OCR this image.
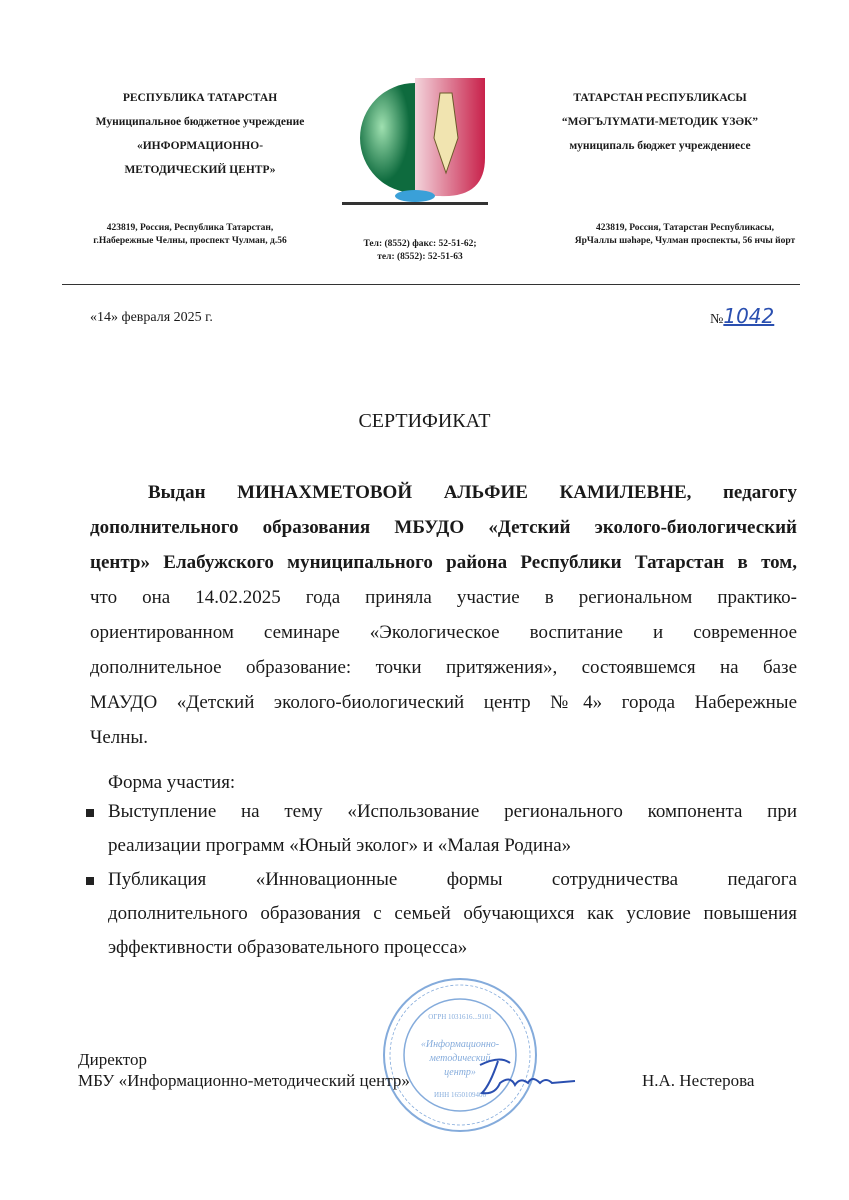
РЕСПУБЛИКА ТАТАРСТАН
Муниципальное бюджетное учреждение
«ИНФОРМАЦИОННО-
МЕТОДИЧЕСКИЙ ЦЕНТР»
ТАТАРСТАН РЕСПУБЛИКАСЫ
“МӘГЪЛҮМАТИ-МЕТОДИК ҮЗӘК”
муниципаль бюджет учреждениесе
423819, Россия, Республика Татарстан,
г.Набережные Челны, проспект Чулман, д.56	Тел: (8552) факс: 52-51-62;
тел: (8552): 52-51-63
423819, Россия, Татарстан Республикасы,
ЯрЧаллы шәһәре, Чулман проспекты, 56 нчы йорт
«14» февраля 2025 г.	№1042
СЕРТИФИКАТ
Выдан МИНАХМЕТОВОЙ АЛЬФИЕ КАМИЛЕВНЕ, педагогу
дополнительного образования МБУДО «Детский эколого-биологический
центр» Елабужского муниципального района Республики Татарстан в том,
что она 14.02.2025 года приняла участие в региональном практико-
ориентированном семинаре «Экологическое воспитание и современное
дополнительное образование: точки притяжения», состоявшемся на базе
МАУДО «Детский эколого-биологический центр №4» города Набережные
Челны.
Форма участия:
Выступление на тему «Использование регионального компонента при
реализации программ «Юный эколог» и «Малая Родина»
Публикация «Инновационные формы сотрудничества педагога
дополнительного образования с семьей обучающихся как условие повышения
эффективности образовательного процесса»
«Информационно-
методический
центр»
ОГРН 1031616...9101
ИНН 1650109406
Директор
МБУ «Информационно-методический центр»	Н.А. Нестерова
